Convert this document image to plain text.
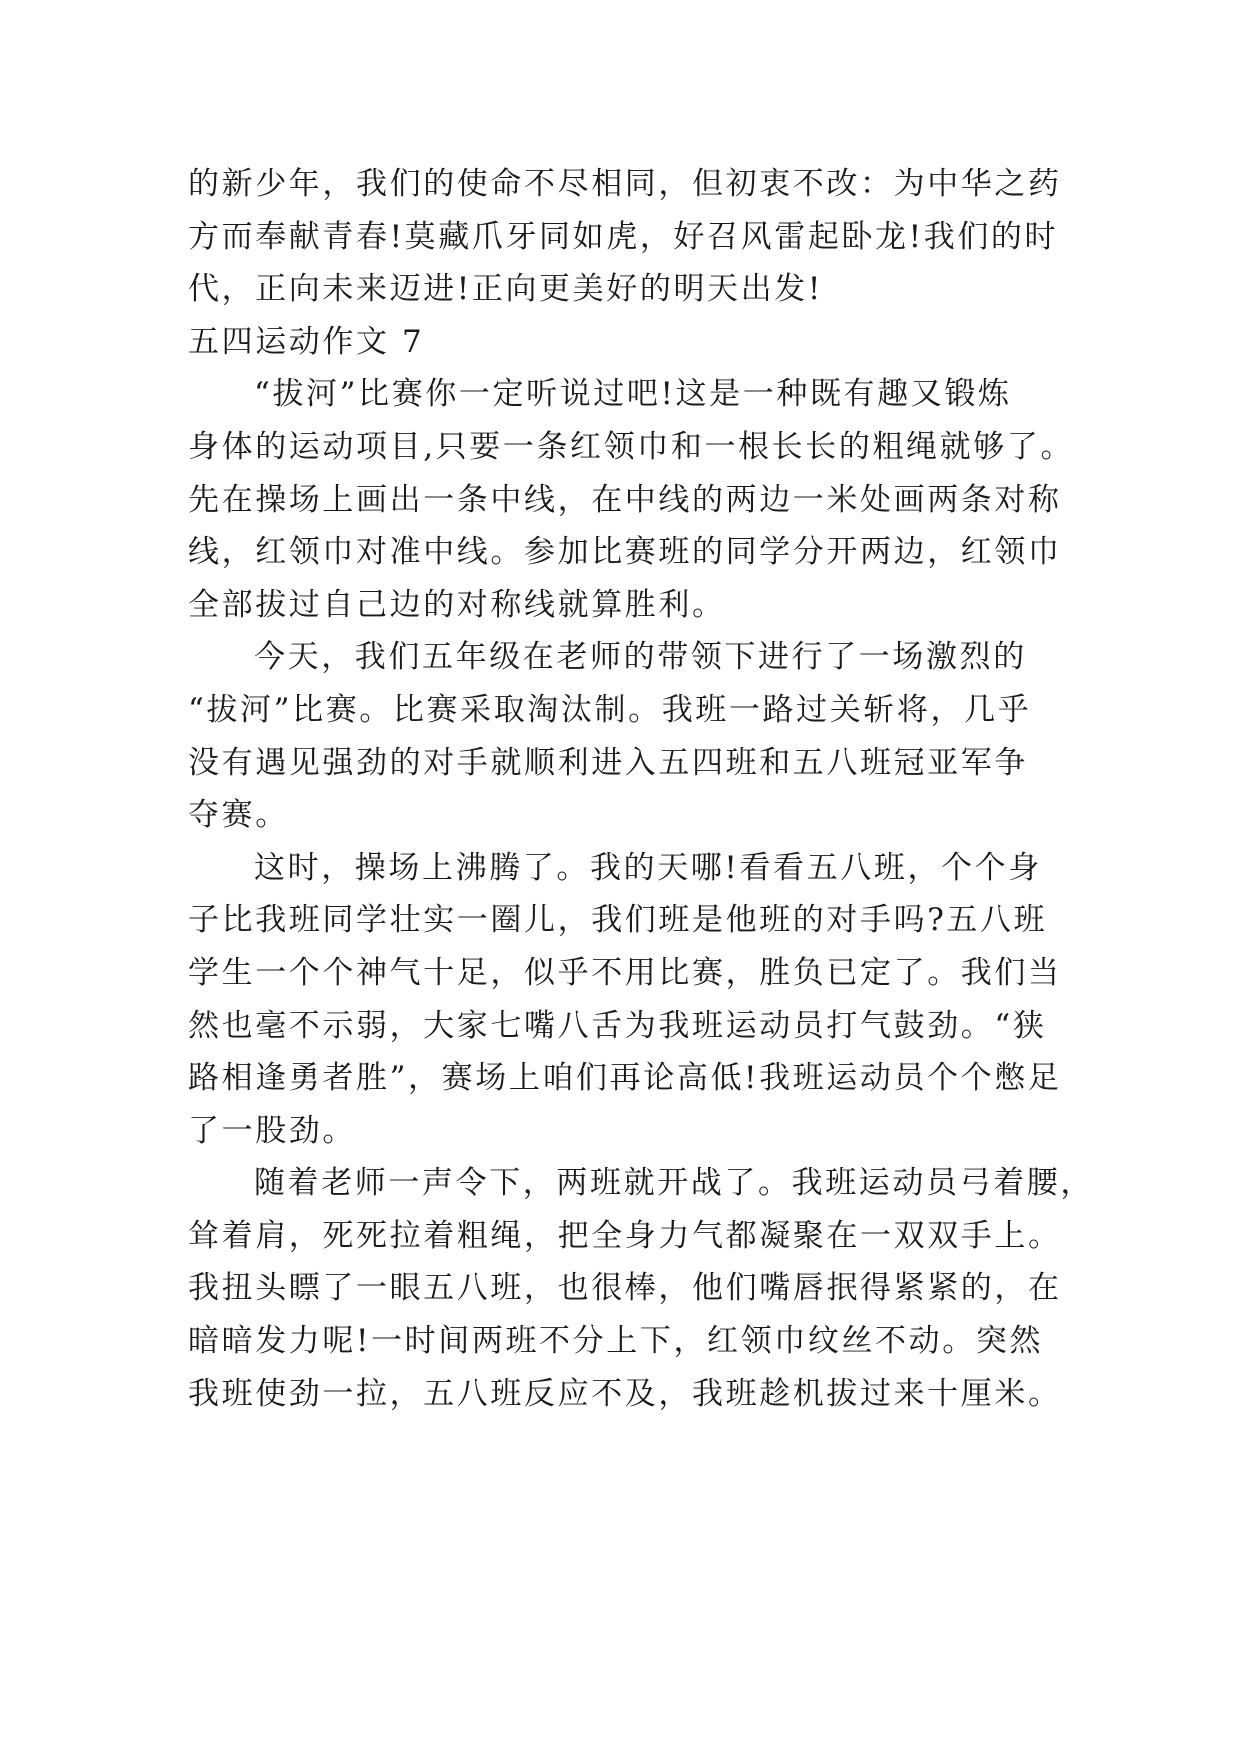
的新少年，我们的使命不尽相同，但初衷不改：为中华之药
方而奉献青春!莫藏爪牙同如虎，好召风雷起卧龙!我们的时
代，正向未来迈进!正向更美好的明天出发!
五四运动作文 7
“拔河”比赛你一定听说过吧!这是一种既有趣又锻炼
身体的运动项目,只要一条红领巾和一根长长的粗绳就够了。
先在操场上画出一条中线，在中线的两边一米处画两条对称
线，红领巾对准中线。参加比赛班的同学分开两边，红领巾
全部拔过自己边的对称线就算胜利。
今天，我们五年级在老师的带领下进行了一场激烈的
“拔河”比赛。比赛采取淘汰制。我班一路过关斩将，几乎
没有遇见强劲的对手就顺利进入五四班和五八班冠亚军争
夺赛。
这时，操场上沸腾了。我的天哪!看看五八班，个个身
子比我班同学壮实一圈儿，我们班是他班的对手吗?五八班
学生一个个神气十足，似乎不用比赛，胜负已定了。我们当
然也毫不示弱，大家七嘴八舌为我班运动员打气鼓劲。“狭
路相逢勇者胜”，赛场上咱们再论高低!我班运动员个个憋足
了一股劲。
随着老师一声令下，两班就开战了。我班运动员弓着腰，
耸着肩，死死拉着粗绳，把全身力气都凝聚在一双双手上。
我扭头瞟了一眼五八班，也很棒，他们嘴唇抿得紧紧的，在
暗暗发力呢!一时间两班不分上下，红领巾纹丝不动。突然
我班使劲一拉，五八班反应不及，我班趁机拔过来十厘米。
